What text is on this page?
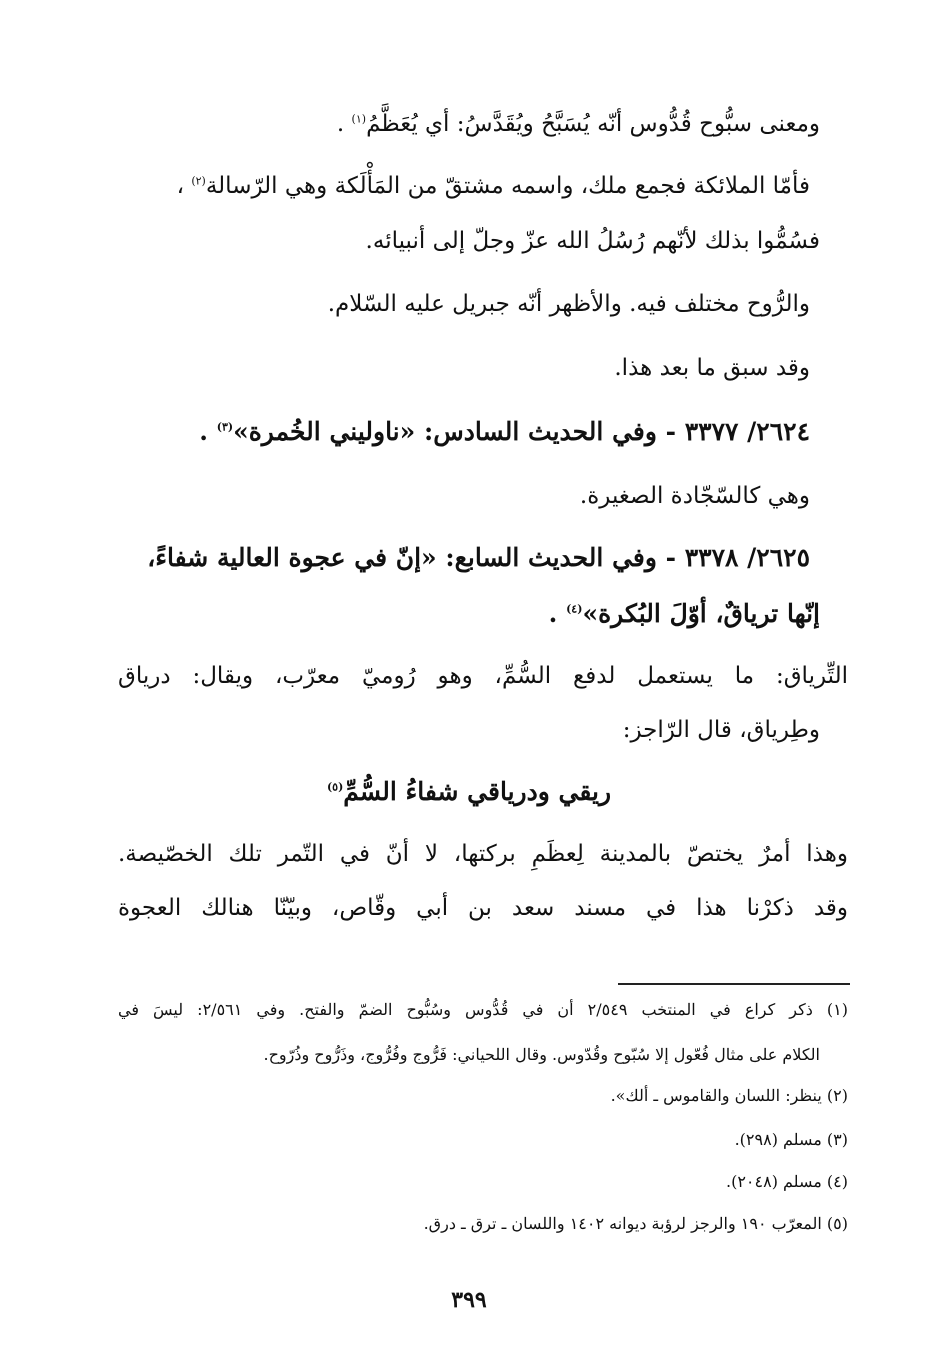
ومعنى سبُّوح قُدُّوس أنّه يُسَبَّحُ ويُقَدَّسُ: أي يُعَظَّمُ$^{(١)}$ .
فأمّا الملائكة فجمع ملك، واسمه مشتقّ من المَأْلَكة وهي الرّسالة$^{(٢)}$ ،
فسُمُّوا بذلك لأنّهم رُسُلُ الله عزّ وجلّ إلى أنبيائه.
والرُّوح مختلف فيه. والأظهر أنّه جبريل عليه السّلام.
وقد سبق ما بعد هذا.
٢٦٢٤/ ٣٣٧٧ - وفي الحديث السادس: «ناوليني الخُمرة»$^{(٣)}$ .
وهي كالسّجّادة الصغيرة.
٢٦٢٥/ ٣٣٧٨ - وفي الحديث السابع: «إنّ في عجوة العالية شفاءً،
إنّها ترياقٌ، أوّلَ البُكرة»$^{(٤)}$ .
التِّرياق: ما يستعمل لدفع السُّمِّ، وهو رُوميّ معرّب، ويقال: درياق
وطِرياق، قال الرّاجز:
ريقي ودرياقي شفاءُ السُّمِّ$^{(٥)}$
وهذا أمرٌ يختصّ بالمدينة لِعظَمِ بركتها، لا أنّ في التّمر تلك الخصّيصة.
وقد ذكرْنا هذا في مسند سعد بن أبي وقّاص، وبيّنّا هنالك العجوة
(١) ذكر كراع في المنتخب ٢/٥٤٩ أن في قُدُّوس وسُبُّوح الضمّ والفتح. وفي ٢/٥٦١: ليسَ في
الكلام على مثال فُعّول إلا سُبّوح وقُدّوس. وقال اللحياني: فَرُّوج وفُرُّوج، وذَرُّوح وذُرّوح.
(٢) ينظر: اللسان والقاموس ـ ألك».
(٣) مسلم (٢٩٨).
(٤) مسلم (٢٠٤٨).
(٥) المعرّب ١٩٠ والرجز لرؤبة ديوانه ١٤٠٢ واللسان ـ ترق ـ درق.
٣٩٩
